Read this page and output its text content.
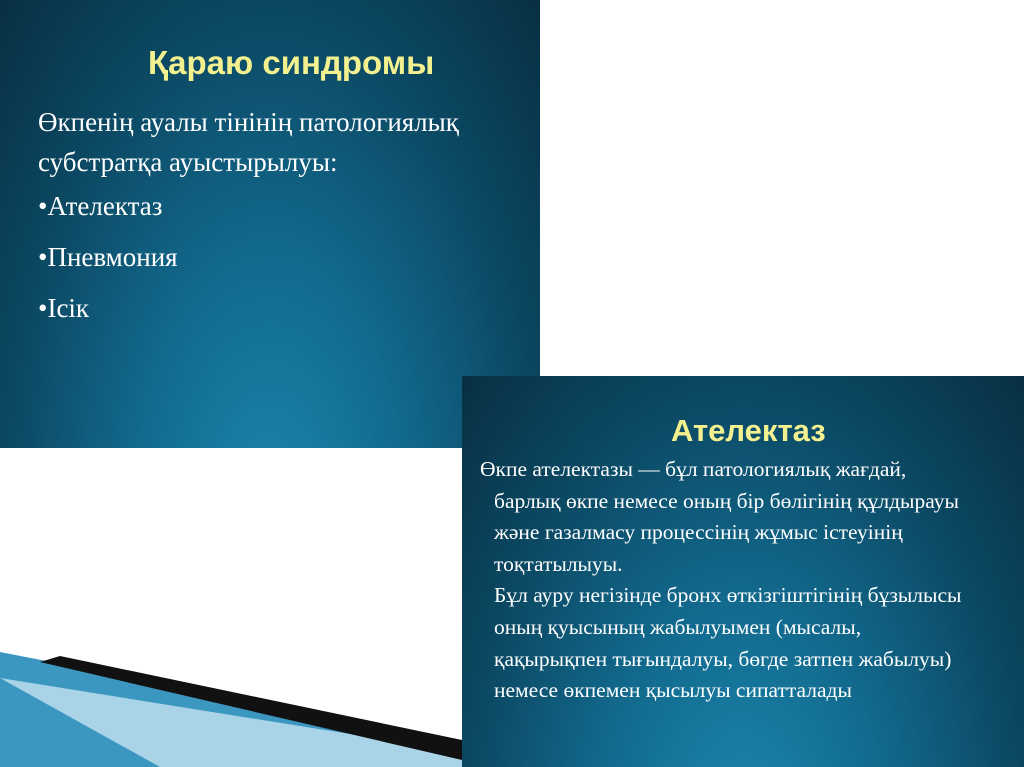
Қараю синдромы

Өкпенің ауалы тінінің патологиялық субстратқа ауыстырылуы:

• Ателектаз
• Пневмония
• Ісік
Ателектаз

Өкпе ателектазы — бұл патологиялық жағдай,

барлық өкпе немесе оның бір бөлігінің құлдырауы

және газалмасу процессінің жұмыс істеуінің

тоқтатылыуы.

Бұл ауру негізінде бронх өткізгіштігінің бұзылысы

оның қуысының жабылуымен (мысалы,

қақырықпен тығындалуы, бөгде затпен жабылуы)

немесе өкпемен қысылуы сипатталады
